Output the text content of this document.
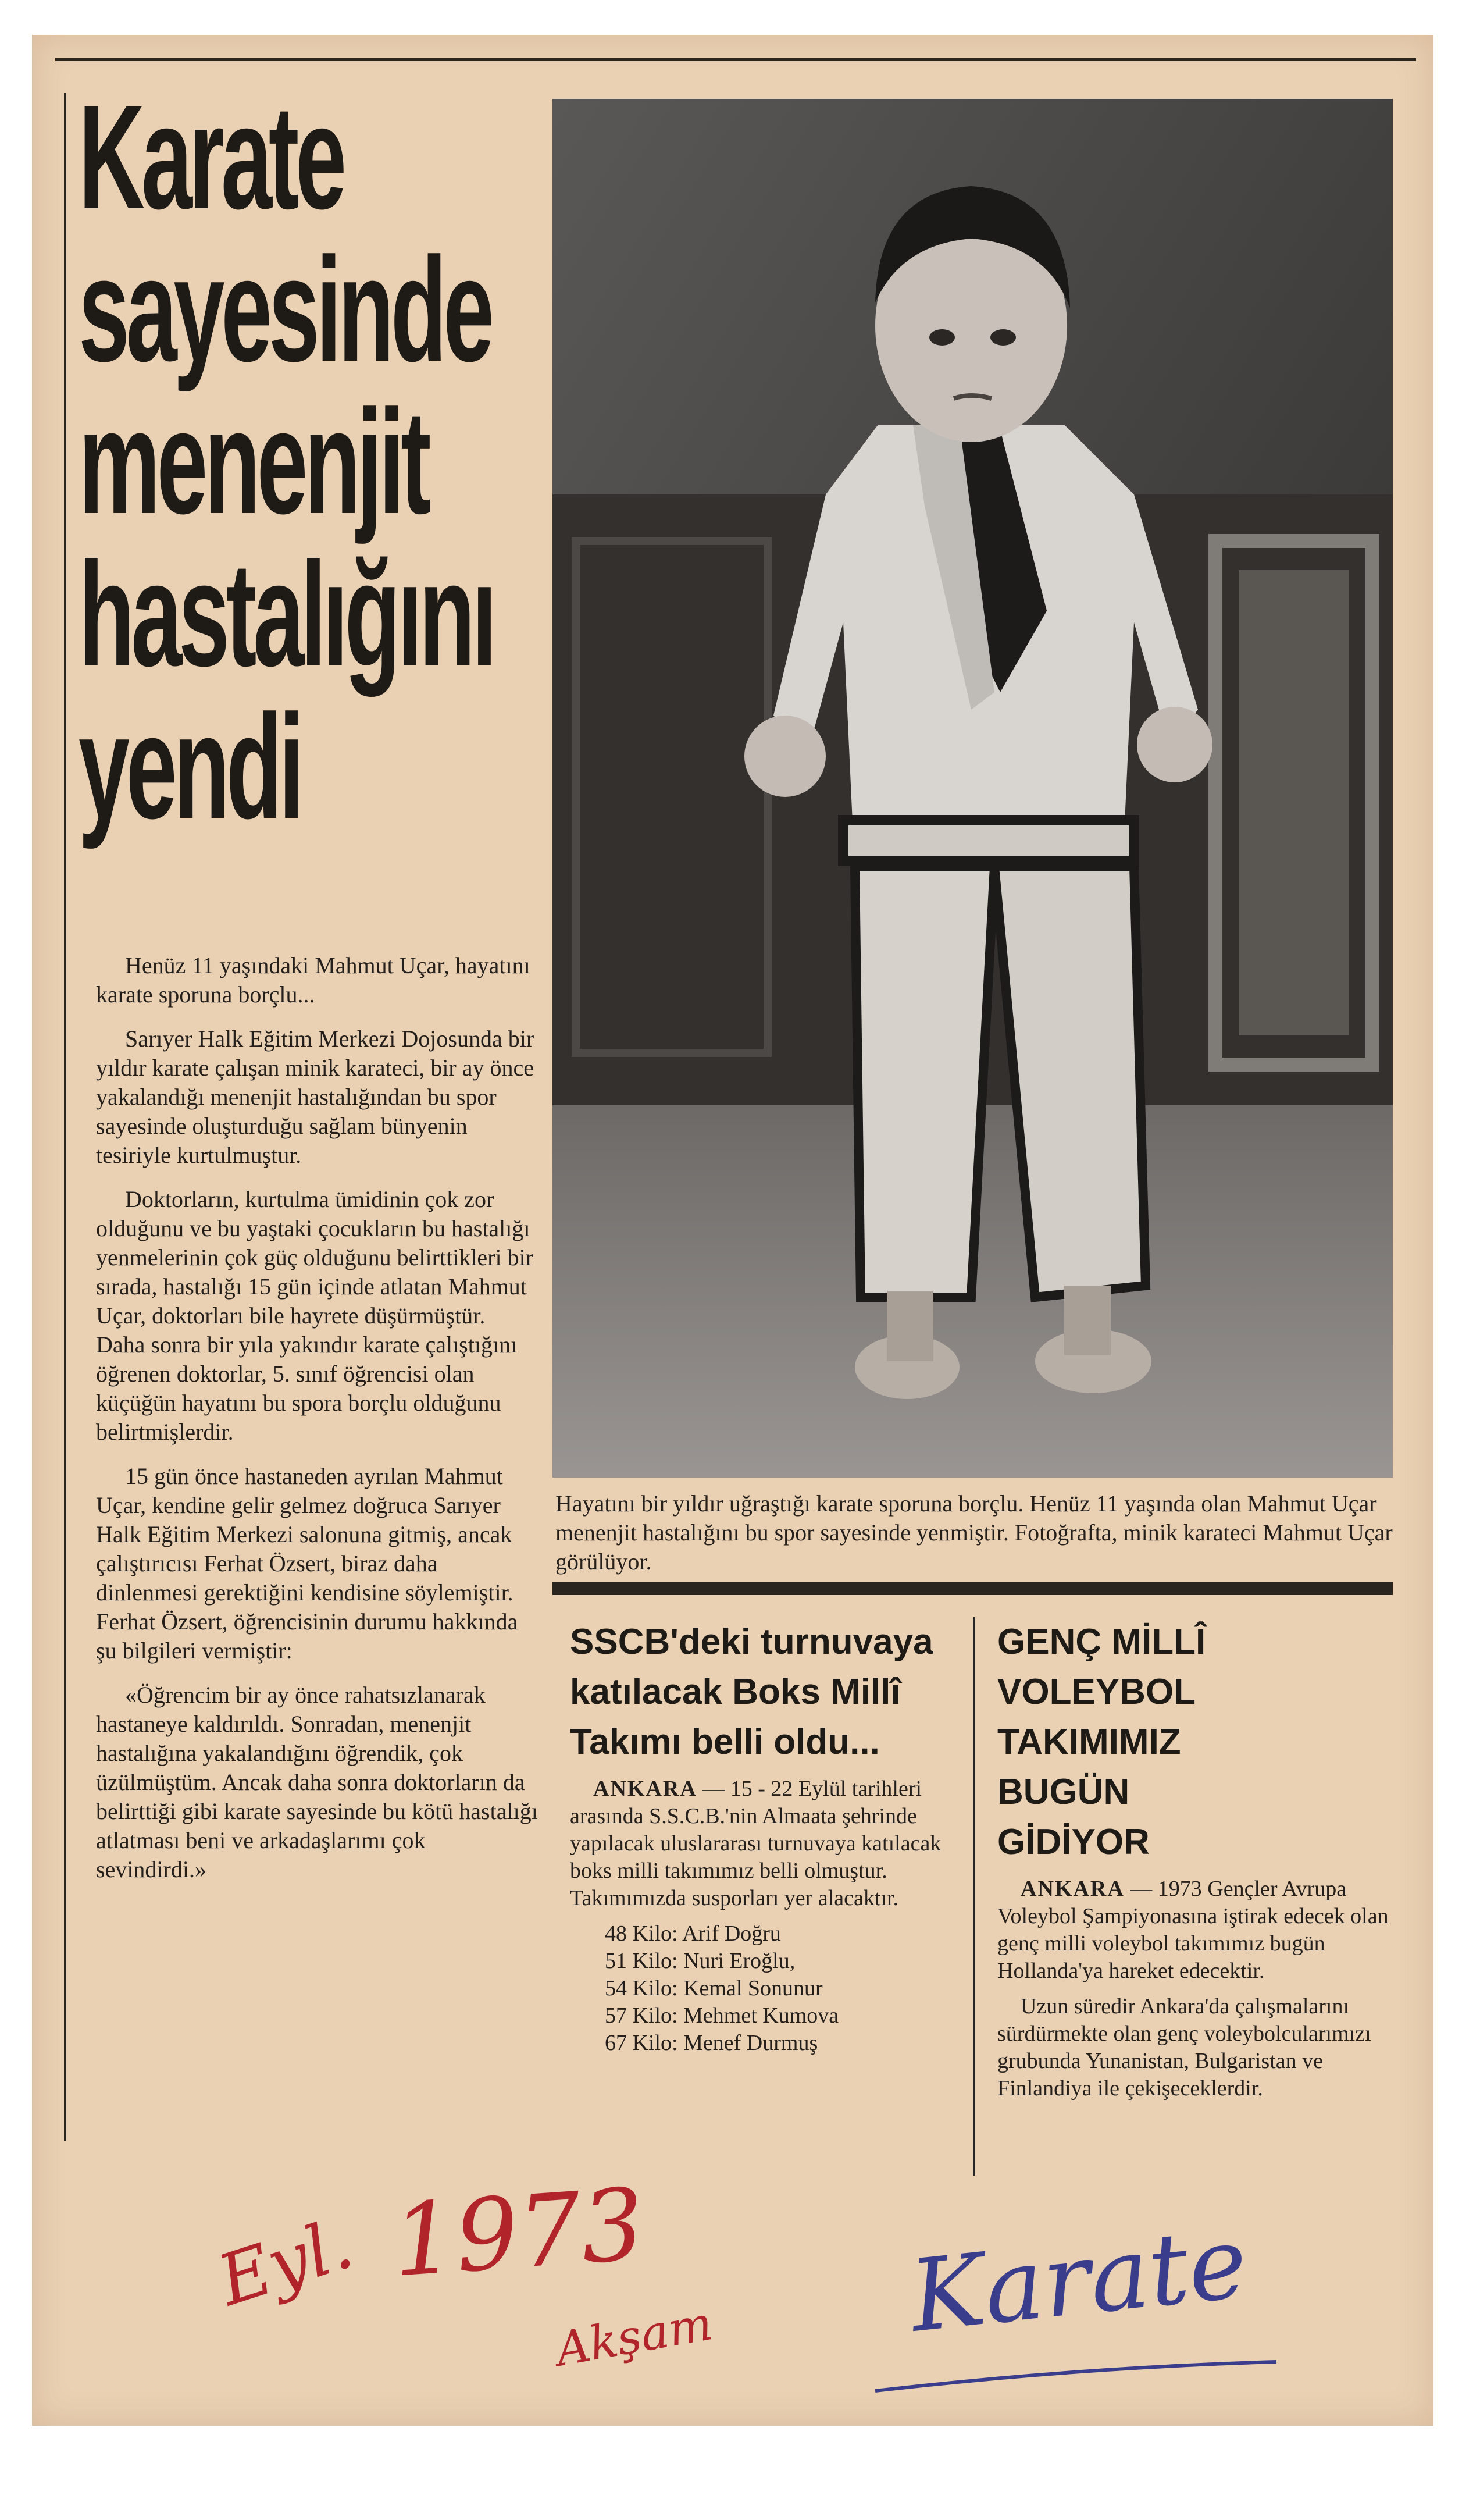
Karate
sayesinde
menenjit
hastalığını
yendi

Henüz 11 yaşındaki Mahmut Uçar, hayatını karate sporuna borçlu...

Sarıyer Halk Eğitim Merkezi Dojosunda bir yıldır karate çalışan minik karateci, bir ay önce yakalandığı menenjit hastalığından bu spor sayesinde oluşturduğu sağlam bünyenin tesiriyle kurtulmuştur.

Doktorların, kurtulma ümidinin çok zor olduğunu ve bu yaştaki çocukların bu hastalığı yenmelerinin çok güç olduğunu belirttikleri bir sırada, hastalığı 15 gün içinde atlatan Mahmut Uçar, doktorları bile hayrete düşürmüştür. Daha sonra bir yıla yakındır karate çalıştığını öğrenen doktorlar, 5. sınıf öğrencisi olan küçüğün hayatını bu spora borçlu olduğunu belirtmişlerdir.

15 gün önce hastaneden ayrılan Mahmut Uçar, kendine gelir gelmez doğruca Sarıyer Halk Eğitim Merkezi salonuna gitmiş, ancak çalıştırıcısı Ferhat Özsert, biraz daha dinlenmesi gerektiğini kendisine söylemiştir. Ferhat Özsert, öğrencisinin durumu hakkında şu bilgileri vermiştir:

«Öğrencim bir ay önce rahatsızlanarak hastaneye kaldırıldı. Sonradan, menenjit hastalığına yakalandığını öğrendik, çok üzülmüştüm. Ancak daha sonra doktorların da belirttiği gibi karate sayesinde bu kötü hastalığı atlatması beni ve arkadaşlarımı çok sevindirdi.»

Hayatını bir yıldır uğraştığı karate sporuna borçlu. Henüz 11 yaşında olan Mahmut Uçar menenjit hastalığını bu spor sayesinde yenmiştir. Fotoğrafta, minik karateci Mahmut Uçar görülüyor.
SSCB'deki turnuvaya katılacak Boks Millî Takımı belli oldu...

ANKARA — 15 - 22 Eylül tarihleri arasında S.S.C.B.'nin Almaata şehrinde yapılacak uluslararası turnuvaya katılacak boks milli takımımız belli olmuştur. Takımımızda susporları yer alacaktır.

48 Kilo: Arif Doğru
51 Kilo: Nuri Eroğlu,
54 Kilo: Kemal Sonunur
57 Kilo: Mehmet Kumova
67 Kilo: Menef Durmuş
GENÇ MİLLÎ
VOLEYBOL
TAKIMIMIZ
BUGÜN
GİDİYOR

ANKARA — 1973 Gençler Avrupa Voleybol Şampiyonasına iştirak edecek olan genç milli voleybol takımımız bugün Hollanda'ya hareket edecektir.

Uzun süredir Ankara'da çalışmalarını sürdürmekte olan genç voleybolcularımızı grubunda Yunanistan, Bulgaristan ve Finlandiya ile çekişeceklerdir.

Eyl. 1973
Akşam Karate
